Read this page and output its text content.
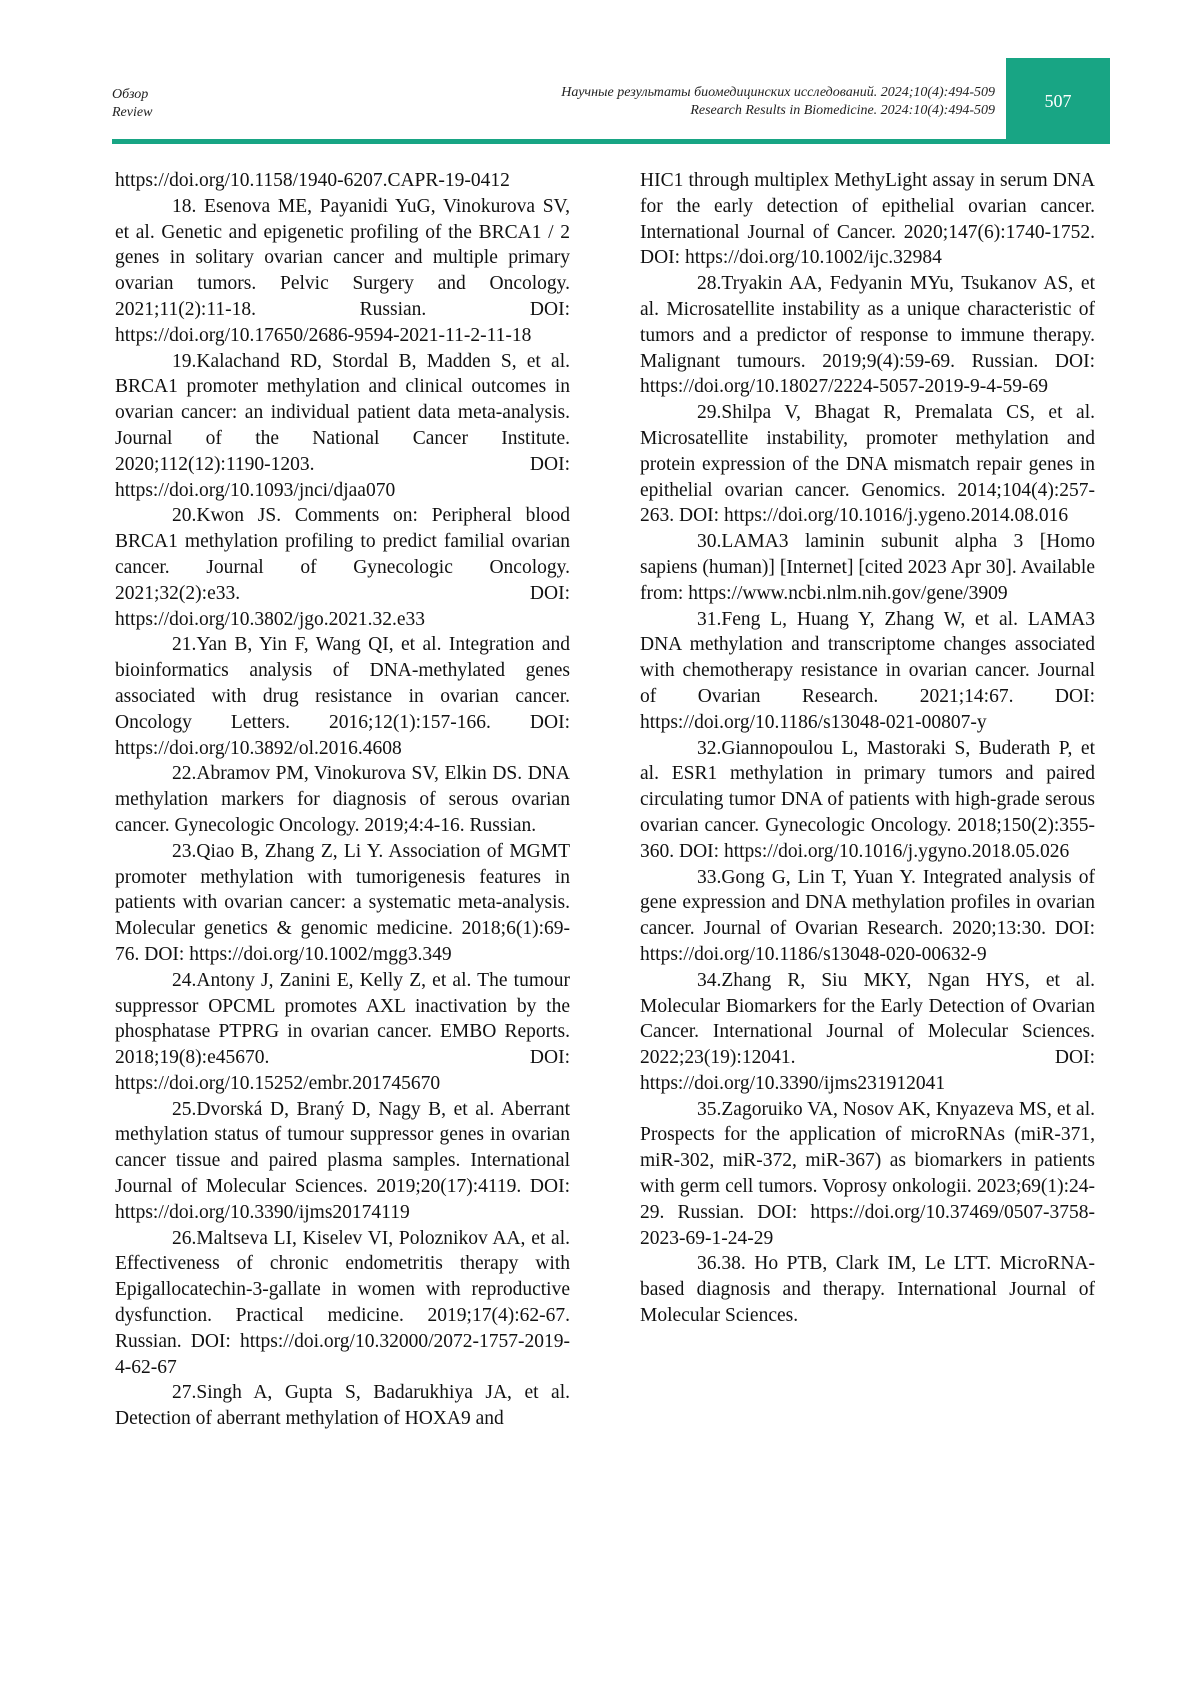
Обзор
Review
Научные результаты биомедицинских исследований. 2024;10(4):494-509
Research Results in Biomedicine. 2024:10(4):494-509	507

https://doi.org/10.1158/1940-6207.CAPR-19-0412

18. Esenova ME, Payanidi YuG, Vinokurova SV, et al. Genetic and epigenetic profiling of the BRCA1 / 2 genes in solitary ovarian cancer and multiple primary ovarian tumors. Pelvic Surgery and Oncology. 2021;11(2):11-18. Russian. DOI: https://doi.org/10.17650/2686-9594-2021-11-2-11-18

19.Kalachand RD, Stordal B, Madden S, et al. BRCA1 promoter methylation and clinical outcomes in ovarian cancer: an individual patient data meta-analysis. Journal of the National Cancer Institute. 2020;112(12):1190-1203. DOI: https://doi.org/10.1093/jnci/djaa070

20.Kwon JS. Comments on: Peripheral blood BRCA1 methylation profiling to predict familial ovarian cancer. Journal of Gynecologic Oncology. 2021;32(2):e33. DOI: https://doi.org/10.3802/jgo.2021.32.e33

21.Yan B, Yin F, Wang QI, et al. Integration and bioinformatics analysis of DNA-methylated genes associated with drug resistance in ovarian cancer. Oncology Letters. 2016;12(1):157-166. DOI: https://doi.org/10.3892/ol.2016.4608

22.Abramov PM, Vinokurova SV, Elkin DS. DNA methylation markers for diagnosis of serous ovarian cancer. Gynecologic Oncology. 2019;4:4-16. Russian.

23.Qiao B, Zhang Z, Li Y. Association of MGMT promoter methylation with tumorigenesis features in patients with ovarian cancer: a systematic meta-analysis. Molecular genetics & genomic medicine. 2018;6(1):69-76. DOI: https://doi.org/10.1002/mgg3.349

24.Antony J, Zanini E, Kelly Z, et al. The tumour suppressor OPCML promotes AXL inactivation by the phosphatase PTPRG in ovarian cancer. EMBO Reports. 2018;19(8):e45670. DOI: https://doi.org/10.15252/embr.201745670

25.Dvorská D, Braný D, Nagy B, et al. Aberrant methylation status of tumour suppressor genes in ovarian cancer tissue and paired plasma samples. International Journal of Molecular Sciences. 2019;20(17):4119. DOI: https://doi.org/10.3390/ijms20174119

26.Maltseva LI, Kiselev VI, Poloznikov AA, et al. Effectiveness of chronic endometritis therapy with Epigallocatechin-3-gallate in women with reproductive dysfunction. Practical medicine. 2019;17(4):62-67. Russian. DOI: https://doi.org/10.32000/2072-1757-2019-4-62-67

27.Singh A, Gupta S, Badarukhiya JA, et al. Detection of aberrant methylation of HOXA9 and

HIC1 through multiplex MethyLight assay in serum DNA for the early detection of epithelial ovarian cancer. International Journal of Cancer. 2020;147(6):1740-1752. DOI: https://doi.org/10.1002/ijc.32984

28.Tryakin AA, Fedyanin MYu, Tsukanov AS, et al. Microsatellite instability as a unique characteristic of tumors and a predictor of response to immune therapy. Malignant tumours. 2019;9(4):59-69. Russian. DOI: https://doi.org/10.18027/2224-5057-2019-9-4-59-69

29.Shilpa V, Bhagat R, Premalata CS, et al. Microsatellite instability, promoter methylation and protein expression of the DNA mismatch repair genes in epithelial ovarian cancer. Genomics. 2014;104(4):257-263. DOI: https://doi.org/10.1016/j.ygeno.2014.08.016

30.LAMA3 laminin subunit alpha 3 [Homo sapiens (human)] [Internet] [cited 2023 Apr 30]. Available from: https://www.ncbi.nlm.nih.gov/gene/3909

31.Feng L, Huang Y, Zhang W, et al. LAMA3 DNA methylation and transcriptome changes associated with chemotherapy resistance in ovarian cancer. Journal of Ovarian Research. 2021;14:67. DOI: https://doi.org/10.1186/s13048-021-00807-y

32.Giannopoulou L, Mastoraki S, Buderath P, et al. ESR1 methylation in primary tumors and paired circulating tumor DNA of patients with high-grade serous ovarian cancer. Gynecologic Oncology. 2018;150(2):355-360. DOI: https://doi.org/10.1016/j.ygyno.2018.05.026

33.Gong G, Lin T, Yuan Y. Integrated analysis of gene expression and DNA methylation profiles in ovarian cancer. Journal of Ovarian Research. 2020;13:30. DOI: https://doi.org/10.1186/s13048-020-00632-9

34.Zhang R, Siu MKY, Ngan HYS, et al. Molecular Biomarkers for the Early Detection of Ovarian Cancer. International Journal of Molecular Sciences. 2022;23(19):12041. DOI: https://doi.org/10.3390/ijms231912041

35.Zagoruiko VA, Nosov AK, Knyazeva MS, et al. Prospects for the application of microRNAs (miR-371, miR-302, miR-372, miR-367) as biomarkers in patients with germ cell tumors. Voprosy onkologii. 2023;69(1):24-29. Russian. DOI: https://doi.org/10.37469/0507-3758-2023-69-1-24-29

36.38. Ho PTB, Clark IM, Le LTT. MicroRNA-based diagnosis and therapy. International Journal of Molecular Sciences.
